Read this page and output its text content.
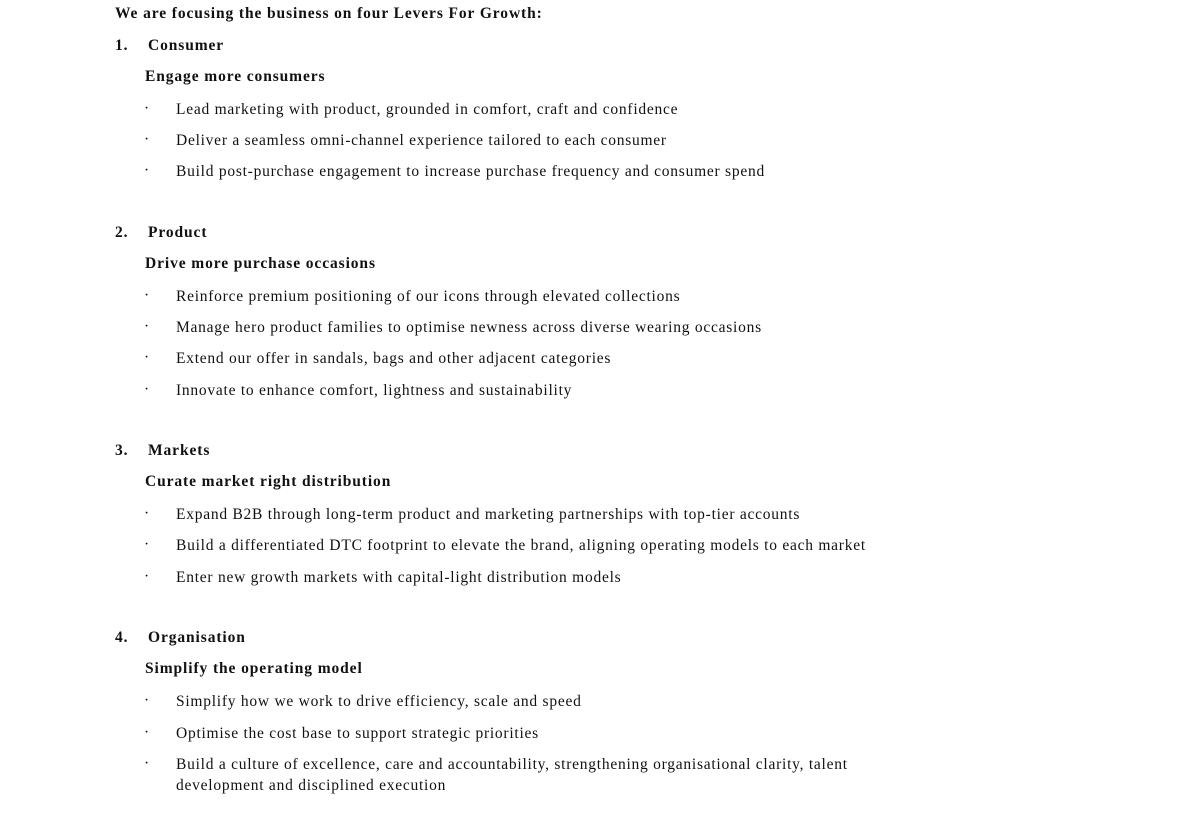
We are focusing the business on four Levers For Growth:
1. Consumer
Engage more consumers
· Lead marketing with product, grounded in comfort, craft and confidence
· Deliver a seamless omni-channel experience tailored to each consumer
· Build post-purchase engagement to increase purchase frequency and consumer spend
2. Product
Drive more purchase occasions
· Reinforce premium positioning of our icons through elevated collections
· Manage hero product families to optimise newness across diverse wearing occasions
· Extend our offer in sandals, bags and other adjacent categories
· Innovate to enhance comfort, lightness and sustainability
3. Markets
Curate market right distribution
· Expand B2B through long-term product and marketing partnerships with top-tier accounts
· Build a differentiated DTC footprint to elevate the brand, aligning operating models to each market
· Enter new growth markets with capital-light distribution models
4. Organisation
Simplify the operating model
· Simplify how we work to drive efficiency, scale and speed
· Optimise the cost base to support strategic priorities
· Build a culture of excellence, care and accountability, strengthening organisational clarity, talent development and disciplined execution
